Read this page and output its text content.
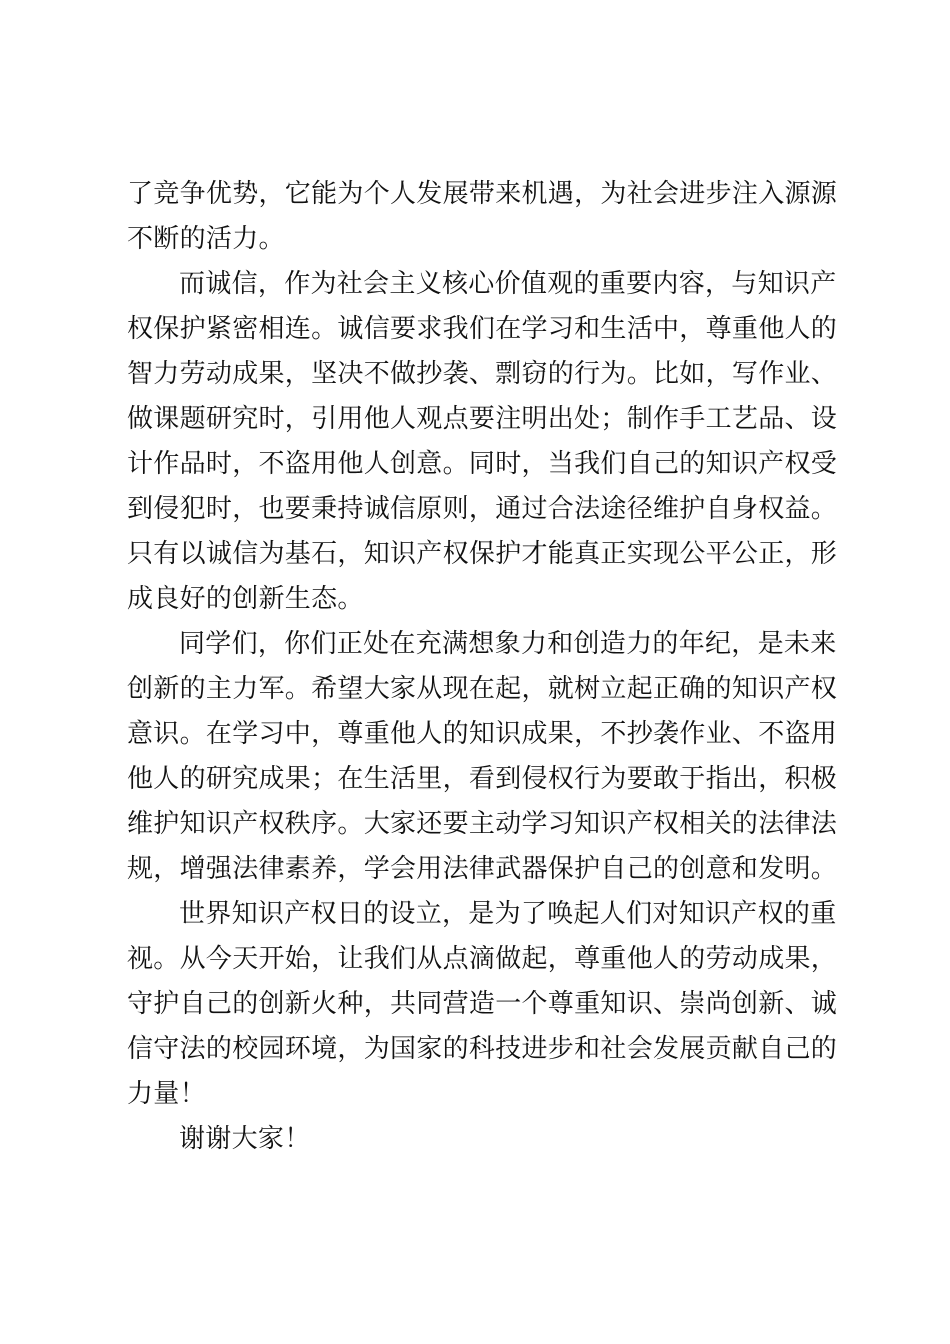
了竞争优势，它能为个人发展带来机遇，为社会进步注入源源
不断的活力。
而诚信，作为社会主义核心价值观的重要内容，与知识产
权保护紧密相连。诚信要求我们在学习和生活中，尊重他人的
智力劳动成果，坚决不做抄袭、剽窃的行为。比如，写作业、
做课题研究时，引用他人观点要注明出处；制作手工艺品、设
计作品时，不盗用他人创意。同时，当我们自己的知识产权受
到侵犯时，也要秉持诚信原则，通过合法途径维护自身权益。
只有以诚信为基石，知识产权保护才能真正实现公平公正，形
成良好的创新生态。
同学们，你们正处在充满想象力和创造力的年纪，是未来
创新的主力军。希望大家从现在起，就树立起正确的知识产权
意识。在学习中，尊重他人的知识成果，不抄袭作业、不盗用
他人的研究成果；在生活里，看到侵权行为要敢于指出，积极
维护知识产权秩序。大家还要主动学习知识产权相关的法律法
规，增强法律素养，学会用法律武器保护自己的创意和发明。
世界知识产权日的设立，是为了唤起人们对知识产权的重
视。从今天开始，让我们从点滴做起，尊重他人的劳动成果，
守护自己的创新火种，共同营造一个尊重知识、崇尚创新、诚
信守法的校园环境，为国家的科技进步和社会发展贡献自己的
力量！
谢谢大家！
